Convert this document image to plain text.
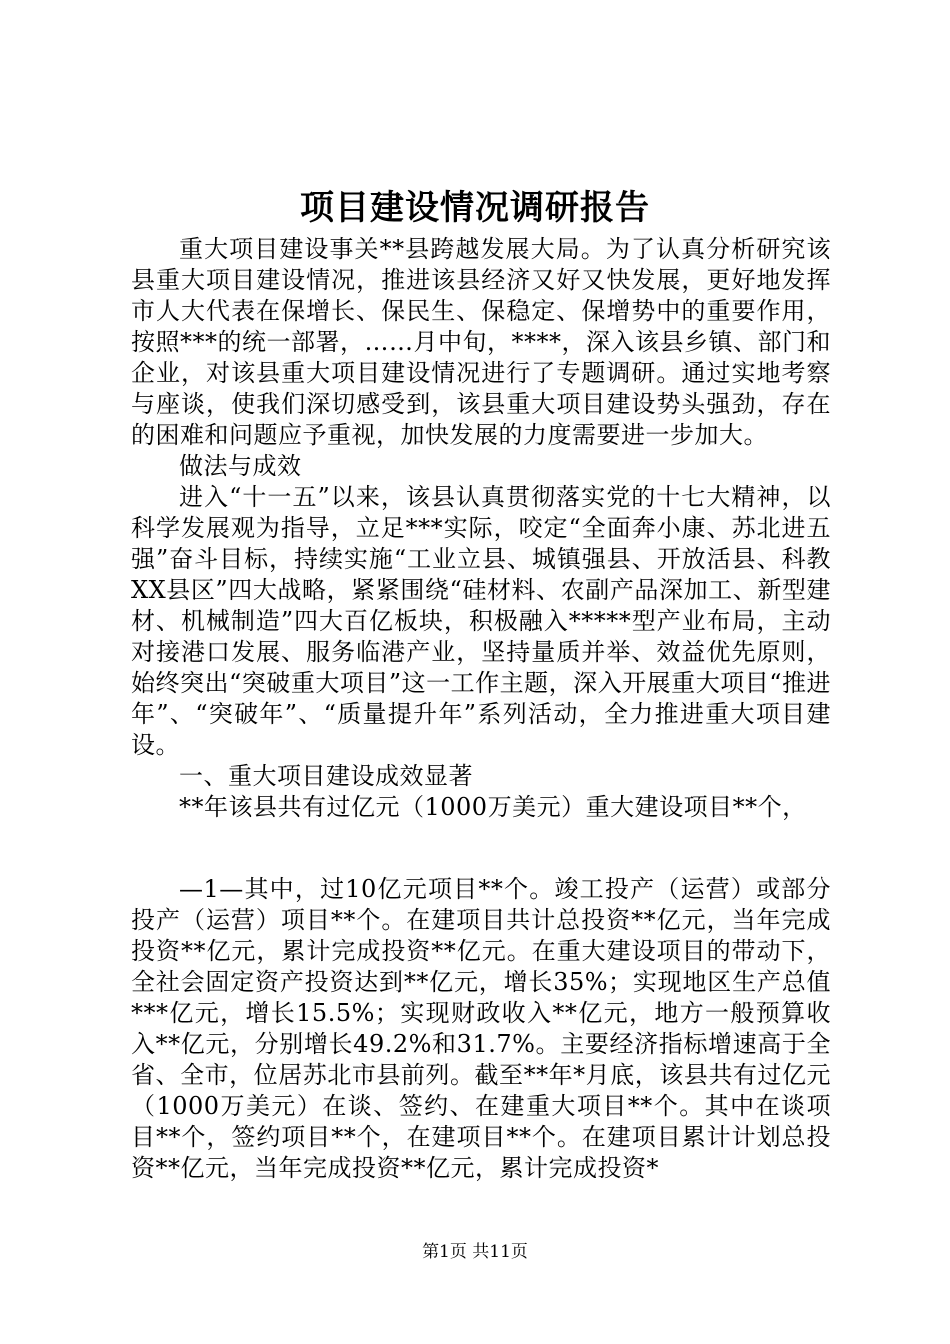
项目建设情况调研报告

重大项目建设事关**县跨越发展大局。为了认真分析研究该县重大项目建设情况，推进该县经济又好又快发展，更好地发挥市人大代表在保增长、保民生、保稳定、保增势中的重要作用，按照***的统一部署，……月中旬，****，深入该县乡镇、部门和企业，对该县重大项目建设情况进行了专题调研。通过实地考察与座谈，使我们深切感受到，该县重大项目建设势头强劲，存在的困难和问题应予重视，加快发展的力度需要进一步加大。

做法与成效

进入“十一五”以来，该县认真贯彻落实党的十七大精神，以科学发展观为指导，立足***实际，咬定“全面奔小康、苏北进五强”奋斗目标，持续实施“工业立县、城镇强县、开放活县、科教XX县区”四大战略，紧紧围绕“硅材料、农副产品深加工、新型建材、机械制造”四大百亿板块，积极融入*****型产业布局，主动对接港口发展、服务临港产业，坚持量质并举、效益优先原则，始终突出“突破重大项目”这一工作主题，深入开展重大项目“推进年”、“突破年”、“质量提升年”系列活动，全力推进重大项目建设。

一、重大项目建设成效显著

**年该县共有过亿元（1000万美元）重大建设项目**个，

—1—其中，过10亿元项目**个。竣工投产（运营）或部分投产（运营）项目**个。在建项目共计总投资**亿元，当年完成投资**亿元，累计完成投资**亿元。在重大建设项目的带动下，全社会固定资产投资达到**亿元，增长35%；实现地区生产总值***亿元，增长15.5%；实现财政收入**亿元，地方一般预算收入**亿元，分别增长49.2%和31.7%。主要经济指标增速高于全省、全市，位居苏北市县前列。截至**年*月底，该县共有过亿元（1000万美元）在谈、签约、在建重大项目**个。其中在谈项目**个，签约项目**个，在建项目**个。在建项目累计计划总投资**亿元，当年完成投资**亿元，累计完成投资*

第1页 共11页
